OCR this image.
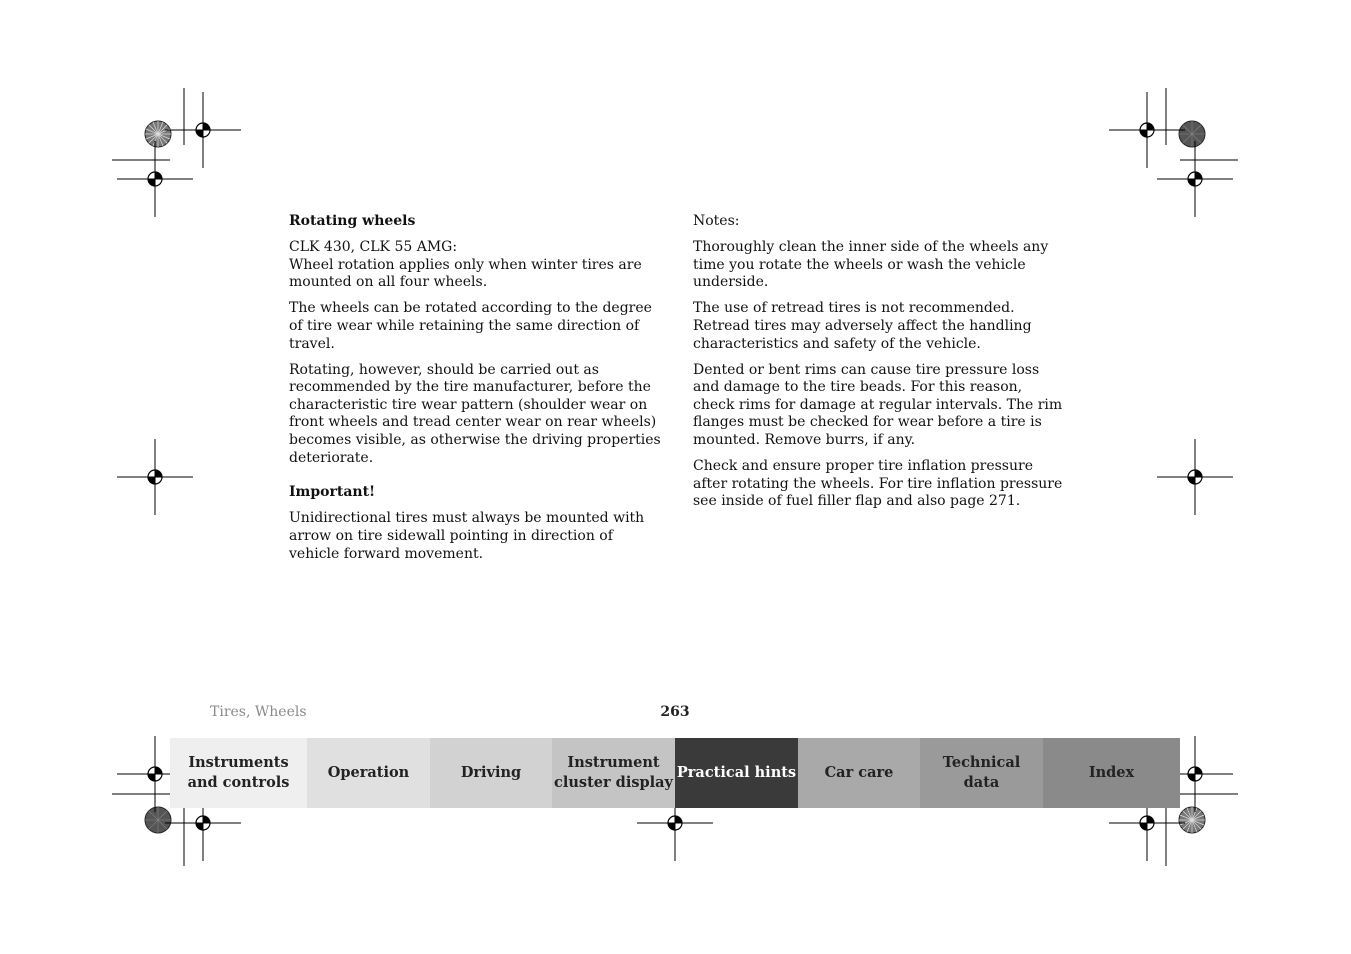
Rotating wheels

CLK 430, CLK 55 AMG:
Wheel rotation applies only when winter tires are mounted on all four wheels.

The wheels can be rotated according to the degree of tire wear while retaining the same direction of travel.

Rotating, however, should be carried out as recommended by the tire manufacturer, before the characteristic tire wear pattern (shoulder wear on front wheels and tread center wear on rear wheels) becomes visible, as otherwise the driving properties deteriorate.

Important!

Unidirectional tires must always be mounted with arrow on tire sidewall pointing in direction of vehicle forward movement.

Notes:

Thoroughly clean the inner side of the wheels any time you rotate the wheels or wash the vehicle underside.

The use of retread tires is not recommended. Retread tires may adversely affect the handling characteristics and safety of the vehicle.

Dented or bent rims can cause tire pressure loss and damage to the tire beads. For this reason, check rims for damage at regular intervals. The rim flanges must be checked for wear before a tire is mounted. Remove burrs, if any.

Check and ensure proper tire inflation pressure after rotating the wheels. For tire inflation pressure see inside of fuel filler flap and also page 271.

Tires, Wheels	263
Instruments
and controls
Operation	Driving
Instrument
cluster display
Practical hints	Car care
Technical
data
Index
